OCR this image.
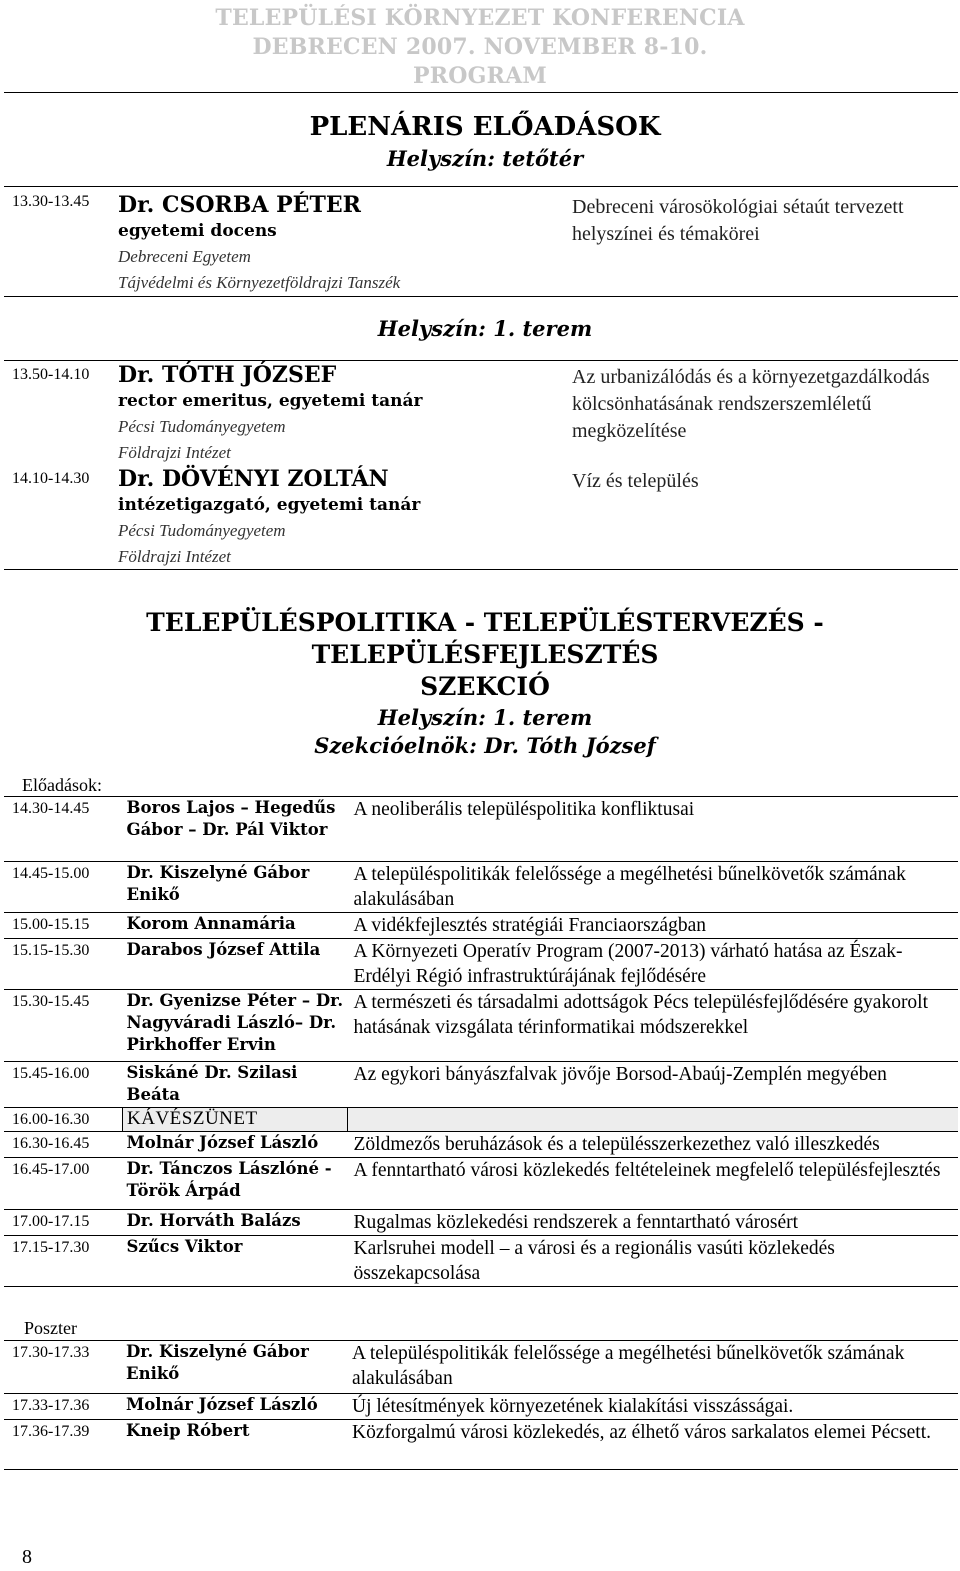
TELEPÜLÉSI KÖRNYEZET KONFERENCIA
DEBRECEN 2007. NOVEMBER 8-10.
PROGRAM
PLENÁRIS ELŐADÁSOK
Helyszín: tetőtér
13.30-13.45 Dr. CSORBA PÉTER
egyetemi docens
Debreceni Egyetem
Tájvédelmi és Környezetföldrajzi Tanszék
Debreceni városökológiai sétaút tervezett helyszínei és témakörei
Helyszín: 1. terem
13.50-14.10 Dr. TÓTH JÓZSEF
rector emeritus, egyetemi tanár
Pécsi Tudományegyetem
Földrajzi Intézet
Az urbanizálódás és a környezetgazdálkodás kölcsönhatásának rendszerszemléletű megközelítése
14.10-14.30 Dr. DÖVÉNYI ZOLTÁN
intézetigazgató, egyetemi tanár
Pécsi Tudományegyetem
Földrajzi Intézet
Víz és település
TELEPÜLÉSPOLITIKA - TELEPÜLÉSTERVEZÉS -
TELEPÜLÉSFEJLESZTÉS
SZEKCIÓ
Helyszín: 1. terem
Szekcióelnök: Dr. Tóth József
Előadások:
14.30-14.45	Boros Lajos – Hegedűs Gábor – Dr. Pál Viktor	A neoliberális településpolitika konfliktusai
14.45-15.00	Dr. Kiszelyné Gábor Enikő	A településpolitikák felelőssége a megélhetési bűnelkövetők számának alakulásában
15.00-15.15	Korom Annamária	A vidékfejlesztés stratégiái Franciaországban
15.15-15.30	Darabos József Attila	A Környezeti Operatív Program (2007-2013) várható hatása az Észak-Erdélyi Régió infrastruktúrájának fejlődésére
15.30-15.45	Dr. Gyenizse Péter – Dr. Nagyváradi László– Dr. Pirkhoffer Ervin	A természeti és társadalmi adottságok Pécs településfejlődésére gyakorolt hatásának vizsgálata térinformatikai módszerekkel
15.45-16.00	Siskáné Dr. Szilasi Beáta	Az egykori bányászfalvak jövője Borsod-Abaúj-Zemplén megyében
16.00-16.30	KÁVÉSZÜNET	
16.30-16.45	Molnár József László	Zöldmezős beruházások és a településszerkezethez való illeszkedés
16.45-17.00	Dr. Tánczos Lászlóné - Török Árpád	A fenntartható városi közlekedés feltételeinek megfelelő településfejlesztés
17.00-17.15	Dr. Horváth Balázs	Rugalmas közlekedési rendszerek a fenntartható városért
17.15-17.30	Szűcs Viktor	Karlsruhei modell – a városi és a regionális vasúti közlekedés összekapcsolása
Poszter
17.30-17.33	Dr. Kiszelyné Gábor Enikő	A településpolitikák felelőssége a megélhetési bűnelkövetők számának alakulásában
17.33-17.36	Molnár József László	Új létesítmények környezetének kialakítási visszásságai.
17.36-17.39	Kneip Róbert	Közforgalmú városi közlekedés, az élhető város sarkalatos elemei Pécsett.
8
